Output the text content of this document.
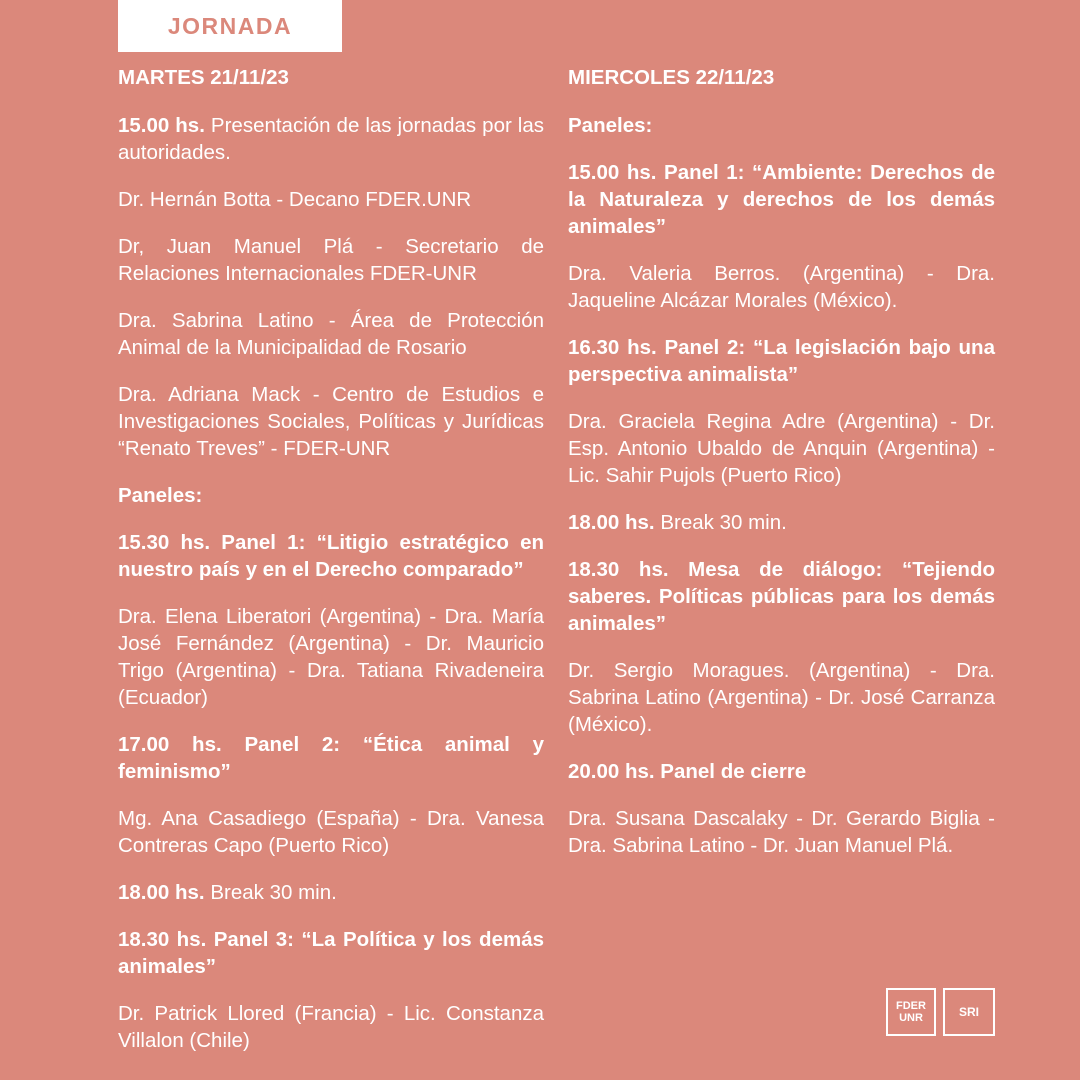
JORNADA
MARTES 21/11/23

15.00 hs. Presentación de las jornadas por las autoridades.

Dr. Hernán Botta - Decano FDER.UNR

Dr, Juan Manuel Plá - Secretario de Relaciones Internacionales FDER-UNR

Dra. Sabrina Latino - Área de Protección Animal de la Municipalidad de Rosario

Dra. Adriana Mack - Centro de Estudios e Investigaciones Sociales, Políticas y Jurídicas “Renato Treves” - FDER-UNR

Paneles:

15.30 hs. Panel 1: “Litigio estratégico en nuestro país y en el Derecho comparado”

Dra. Elena Liberatori (Argentina) - Dra. María José Fernández (Argentina) - Dr. Mauricio Trigo (Argentina) - Dra. Tatiana Rivadeneira (Ecuador)

17.00 hs. Panel 2: “Ética animal y feminismo”

Mg. Ana Casadiego (España) - Dra. Vanesa Contreras Capo (Puerto Rico)

18.00 hs. Break 30 min.

18.30 hs. Panel 3: “La Política y los demás animales”

Dr. Patrick Llored (Francia) - Lic. Constanza Villalon (Chile)

MIERCOLES 22/11/23

Paneles:

15.00 hs. Panel 1: “Ambiente: Derechos de la Naturaleza y derechos de los demás animales”

Dra. Valeria Berros. (Argentina) - Dra. Jaqueline Alcázar Morales (México).

16.30 hs. Panel 2: “La legislación bajo una perspectiva animalista”

Dra. Graciela Regina Adre (Argentina) - Dr. Esp. Antonio Ubaldo de Anquin (Argentina) - Lic. Sahir Pujols (Puerto Rico)

18.00 hs. Break 30 min.

18.30 hs. Mesa de diálogo: “Tejiendo saberes. Políticas públicas para los demás animales”

Dr. Sergio Moragues. (Argentina) - Dra. Sabrina Latino (Argentina) - Dr. José Carranza (México).

20.00 hs. Panel de cierre

Dra. Susana Dascalaky - Dr. Gerardo Biglia - Dra. Sabrina Latino - Dr. Juan Manuel Plá.

FDER
UNR	SRI
